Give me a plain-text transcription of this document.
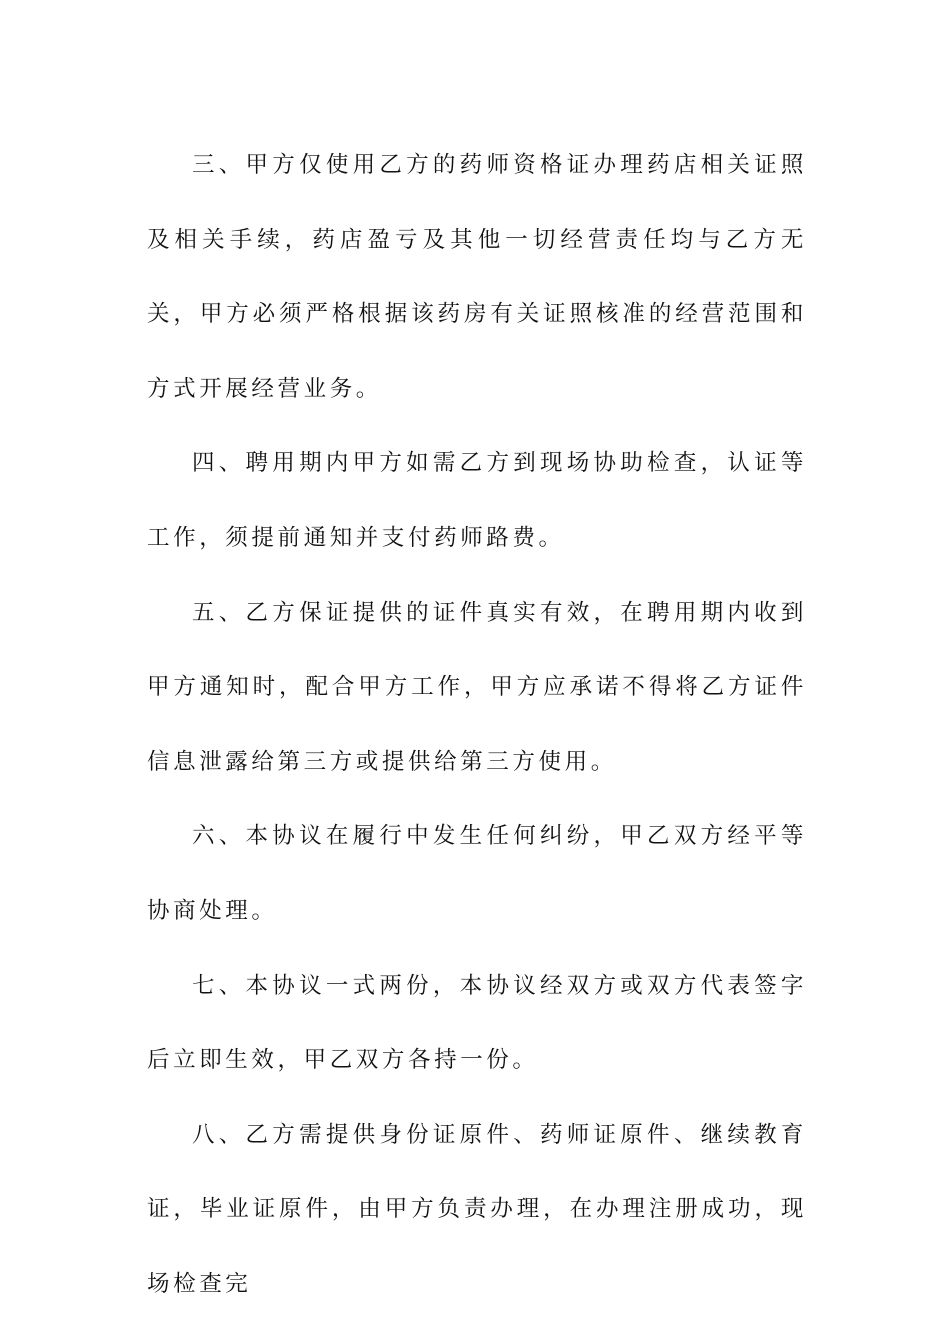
三、甲方仅使用乙方的药师资格证办理药店相关证照及相关手续，药店盈亏及其他一切经营责任均与乙方无关，甲方必须严格根据该药房有关证照核准的经营范围和方式开展经营业务。

四、聘用期内甲方如需乙方到现场协助检查，认证等工作，须提前通知并支付药师路费。

五、乙方保证提供的证件真实有效，在聘用期内收到甲方通知时，配合甲方工作，甲方应承诺不得将乙方证件信息泄露给第三方或提供给第三方使用。

六、本协议在履行中发生任何纠纷，甲乙双方经平等协商处理。

七、本协议一式两份，本协议经双方或双方代表签字后立即生效，甲乙双方各持一份。

八、乙方需提供身份证原件、药师证原件、继续教育证，毕业证原件，由甲方负责办理，在办理注册成功，现场检查完
